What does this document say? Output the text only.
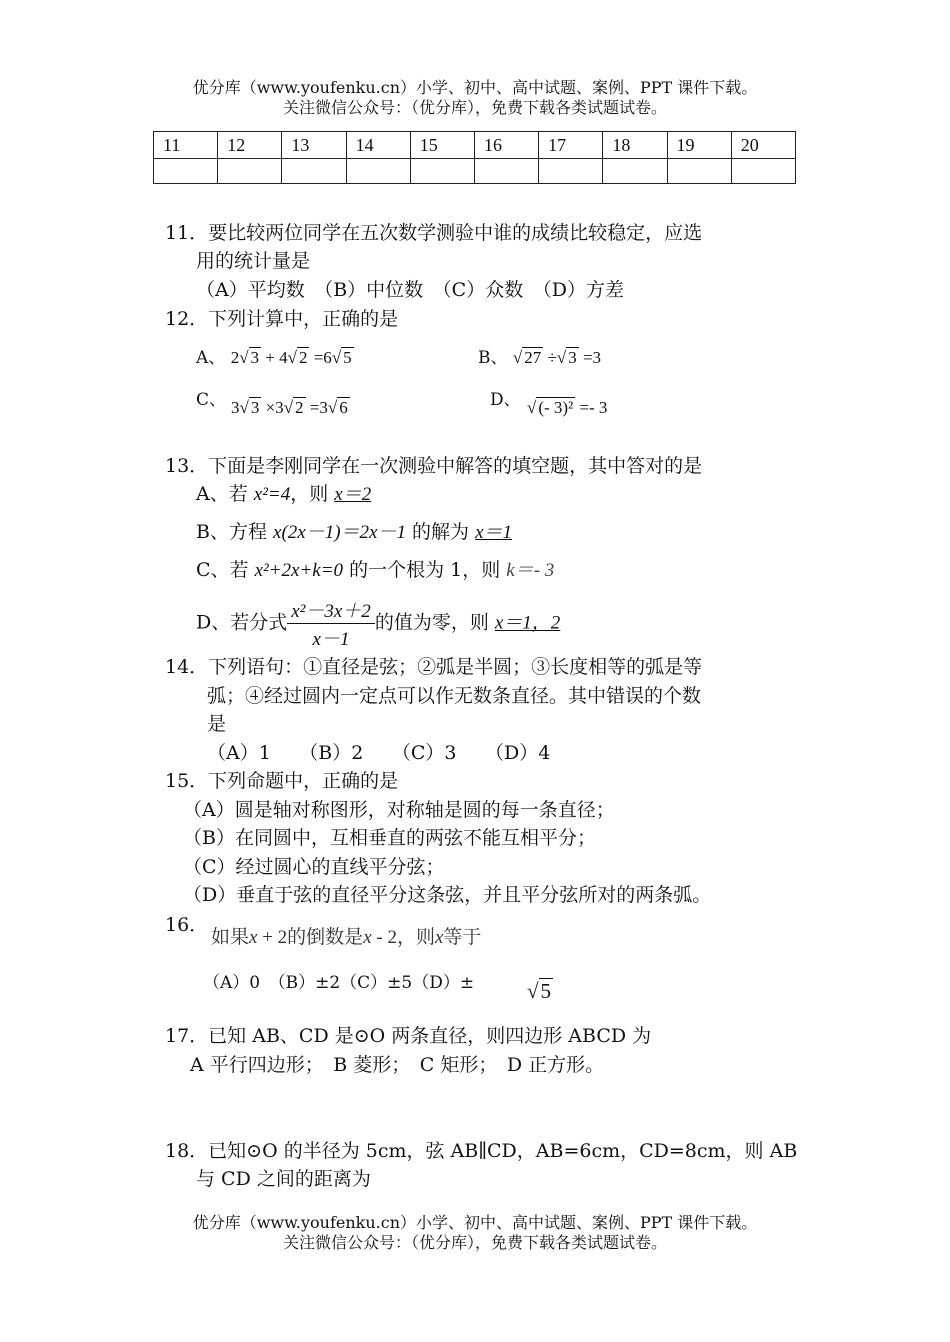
优分库（www.youfenku.cn）小学、初中、高中试题、案例、PPT 课件下载。
关注微信公众号：（优分库），免费下载各类试题试卷。
11	12	13	14	15	16	17	18	19	20

11．要比较两位同学在五次数学测验中谁的成绩比较稳定，应选
用的统计量是
（A）平均数　（B）中位数　（C）众数　（D）方差
12．下列计算中，正确的是
A、 2√ 3 + 4√ 2 =6√ 5	B、 √ 27 ÷√ 3 =3
C、 3√ 3 ×3√ 2 =3√ 6	D、 √ (- 3)² =- 3
13．下面是李刚同学在一次测验中解答的填空题，其中答对的是
A、若 x²=4，则 x＝2
B、方程 x(2x－1)＝2x－1 的解为 x＝1
C、若 x²+2x+k=0 的一个根为 1，则 k＝- 3
D、若分式 $\frac{\text{x²－3x＋2}}{x-1}$ 的值为零，则 x＝1，2
14．下列语句：①直径是弦；②弧是半圆；③长度相等的弧是等
弧；④经过圆内一定点可以作无数条直径。其中错误的个数
是
（A）1　　（B）2　　（C）3　　（D）4
15．下列命题中，正确的是
（A）圆是轴对称图形，对称轴是圆的每一条直径；
（B）在同圆中，互相垂直的两弦不能互相平分；
（C）经过圆心的直线平分弦；
（D）垂直于弦的直径平分这条弦，并且平分弦所对的两条弧。
16．
如果x + 2的倒数是x - 2，则x等于
（A）0　（B）±2（C）±5（D）±	√5
17．已知 AB、CD 是⊙O 两条直径，则四边形 ABCD 为
A 平行四边形；　B 菱形；　C 矩形；　D 正方形。
18．已知⊙O 的半径为 5cm，弦 AB∥CD，AB=6cm，CD=8cm，则 AB
与 CD 之间的距离为
优分库（www.youfenku.cn）小学、初中、高中试题、案例、PPT 课件下载。
关注微信公众号：（优分库），免费下载各类试题试卷。
